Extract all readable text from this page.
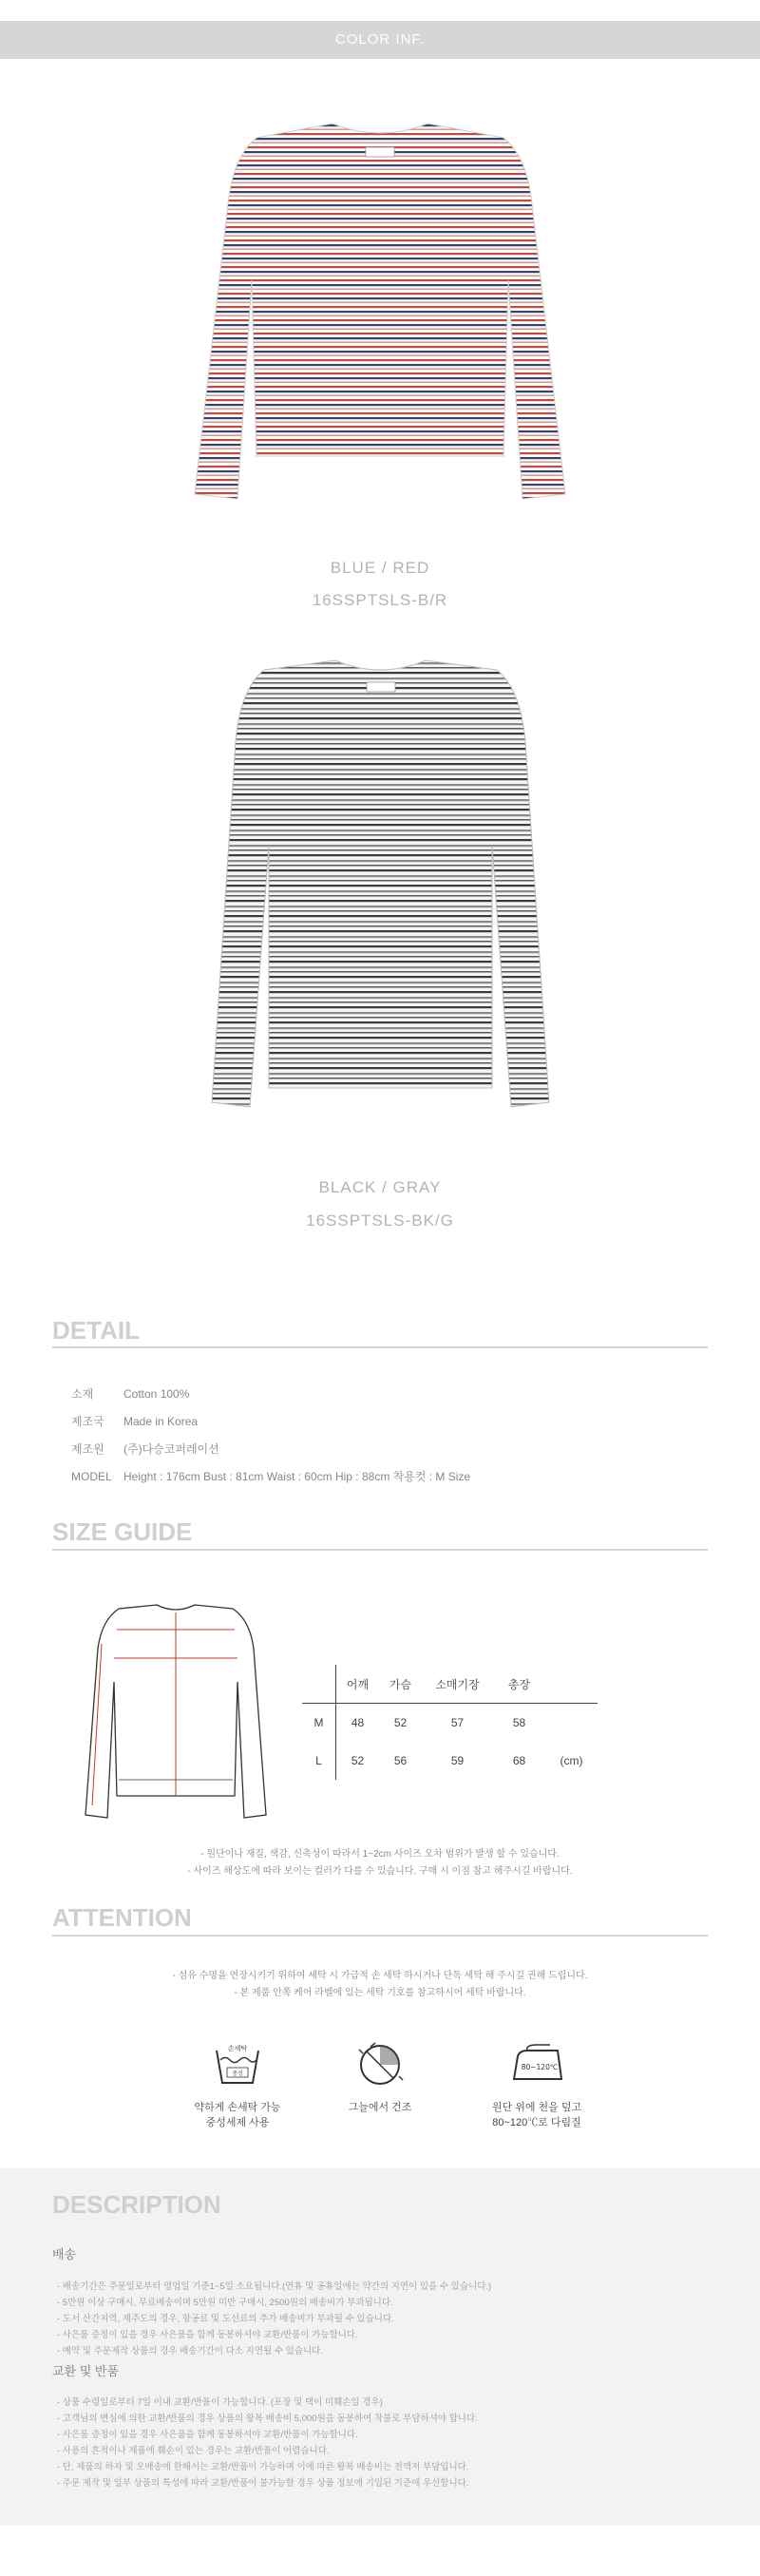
COLOR INF.
BLUE / RED
16SSPTSLS-B/R
BLACK / GRAY
16SSPTSLS-BK/G
DETAIL
소재	Cotton 100%
제조국 Made in Korea
제조원 (주)다승코퍼레이션
MODEL Height : 176cm Bust : 81cm Waist : 60cm Hip : 88cm 착용컷 : M Size
SIZE GUIDE
	어깨	가슴	소매기장	총장	
M	48	52	57	58	
L	52	56	59	68	(cm)
- 원단이나 재질, 색감, 신축성이 따라서 1~2cm 사이즈 오차 범위가 발생 할 수 있습니다.
- 사이즈 해상도에 따라 보이는 컬러가 다를 수 있습니다. 구매 시 이점 참고 해주시길 바랍니다.
ATTENTION
- 섬유 수명을 연장시키기 위하여 세탁 시 가급적 손 세탁 하시거나 단독 세탁 해 주시길 권해 드립니다.
- 본 제품 안쪽 케어 라벨에 있는 세탁 기호를 참고하시어 세탁 바랍니다.
손세탁
중성
80~120℃
약하게 손세탁 가능
중성세제 사용
그늘에서 건조	원단 위에 천을 덮고
80~120℃로 다림질
DESCRIPTION
배송
- 배송기간은 주문일로부터 영업일 기준1~5일 소요됩니다.(연휴 및 공휴일에는 약간의 지연이 있을 수 있습니다.)
- 5만원 이상 구매시, 무료배송이며 5만원 미만 구매시, 2500원의 배송비가 부과됩니다.
- 도서 산간지역, 제주도의 경우, 항공료 및 도선료의 추가 배송비가 부과될 수 있습니다.
- 사은품 증정이 있을 경우 사은품을 함께 동봉하셔야 교환/반품이 가능합니다.
- 예약 및 주문제작 상품의 경우 배송기간이 다소 지연될 수 있습니다.
교환 및 반품
- 상품 수령일로부터 7일 이내 교환/반품이 가능합니다. (포장 및 택이 미훼손일 경우)
- 고객님의 변심에 의한 교환/반품의 경우 상품의 왕복 배송비 5,000원을 동봉하여 착불로 부담하셔야 합니다.
- 사은품 증정이 있을 경우 사은품을 함께 동봉하셔야 교환/반품이 가능합니다.
- 사용의 흔적이나 제품에 훼손이 있는 경우는 교환/반품이 어렵습니다.
- 단, 제품의 하자 및 오배송에 한해서는 교환/반품이 가능하며 이에 따른 왕복 배송비는 전액저 부담입니다.
- 주문 제작 및 일부 상품의 특성에 따라 교환/반품이 불가능할 경우 상품 정보에 기입된 기준에 우선합니다.
